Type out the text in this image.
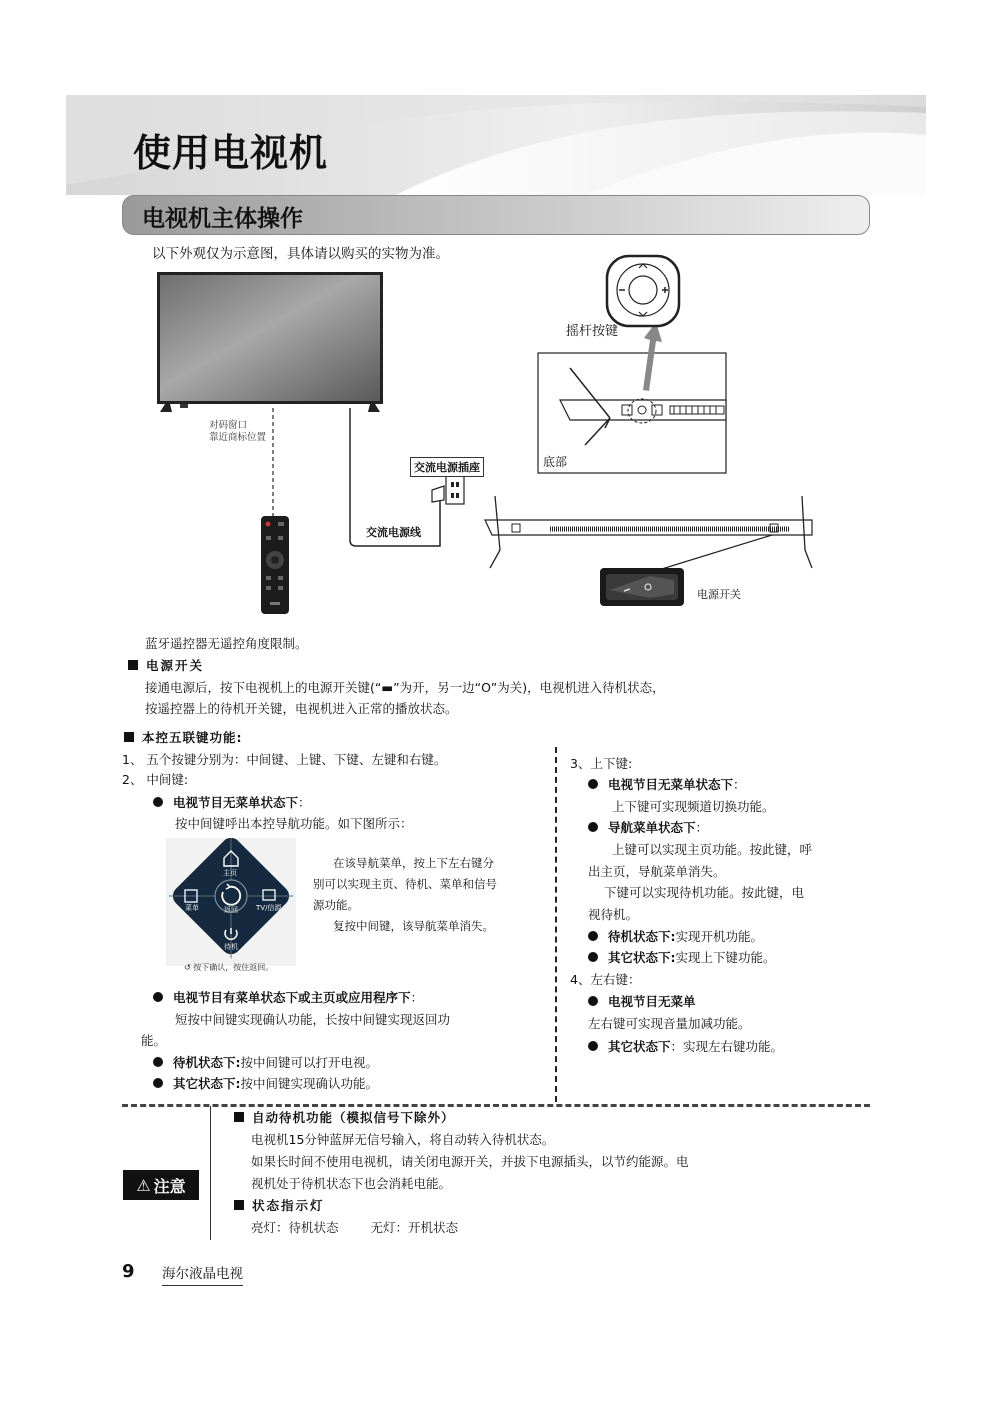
使用电视机
电视机主体操作
以下外观仅为示意图，具体请以购买的实物为准。
摇杆按键
底部
对码窗口
靠近商标位置
交流电源插座
交流电源线
电源开关
蓝牙遥控器无遥控角度限制。
电源开关
接通电源后，按下电视机上的电源开关键(“▬”为开，另一边“O”为关)，电视机进入待机状态，
按遥控器上的待机开关键，电视机进入正常的播放状态。
本控五联键功能:
1、 五个按键分别为：中间键、上键、下键、左键和右键。
2、 中间键:
电视节目无菜单状态下：
按中间键呼出本控导航功能。如下图所示：
主页
菜单	返回	TV/信源
待机
↺ 按下确认，按住返回。
在该导航菜单，按上下左右键分
别可以实现主页、待机、菜单和信号
源功能。
复按中间键，该导航菜单消失。
电视节目有菜单状态下或主页或应用程序下：
短按中间键实现确认功能，长按中间键实现返回功
能。
待机状态下:按中间键可以打开电视。
其它状态下:按中间键实现确认功能。
3、上下键:
电视节目无菜单状态下：
上下键可实现频道切换功能。
导航菜单状态下：
上键可以实现主页功能。按此键，呼
出主页，导航菜单消失。
下键可以实现待机功能。按此键，电
视待机。
待机状态下:实现开机功能。
其它状态下:实现上下键功能。
4、左右键：
电视节目无菜单
左右键可实现音量加减功能。
其它状态下：实现左右键功能。
⚠ 注意
自动待机功能（模拟信号下除外）
电视机15分钟蓝屏无信号输入，将自动转入待机状态。
如果长时间不使用电视机，请关闭电源开关，并拔下电源插头，以节约能源。电
视机处于待机状态下也会消耗电能。
状态指示灯
亮灯：待机状态	无灯：开机状态
9 海尔液晶电视
